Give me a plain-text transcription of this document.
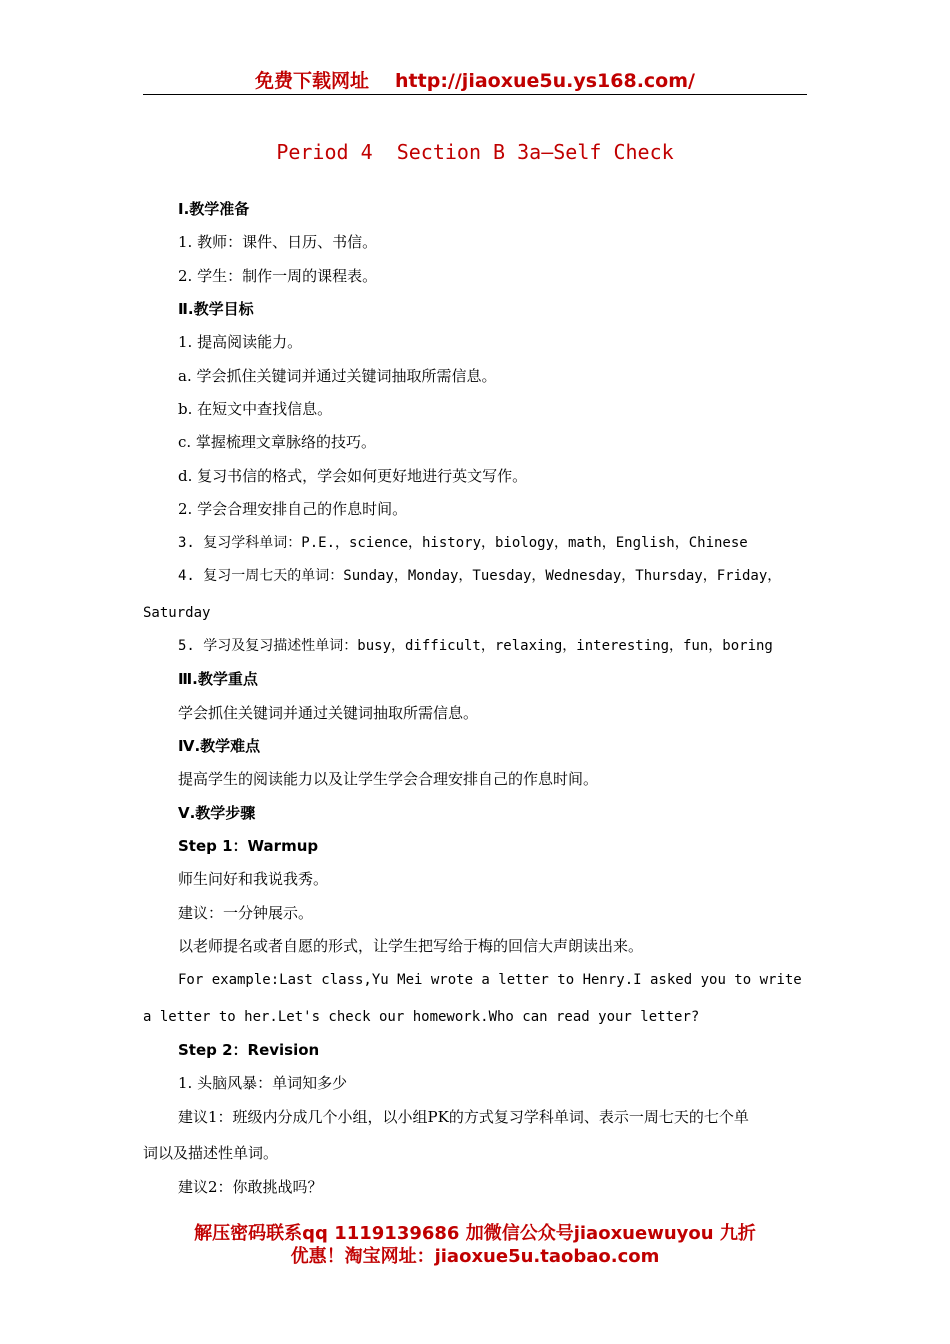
免费下载网址 http://jiaoxue5u.ys168.com/
Period 4  Section B 3a—Self Check
Ⅰ.教学准备
1. 教师：课件、日历、书信。
2. 学生：制作一周的课程表。
Ⅱ.教学目标
1. 提高阅读能力。
a. 学会抓住关键词并通过关键词抽取所需信息。
b. 在短文中查找信息。
c. 掌握梳理文章脉络的技巧。
d. 复习书信的格式，学会如何更好地进行英文写作。
2. 学会合理安排自己的作息时间。
3. 复习学科单词：P.E.，science，history，biology，math，English，Chinese
4. 复习一周七天的单词：Sunday，Monday，Tuesday，Wednesday，Thursday，Friday，
Saturday
5. 学习及复习描述性单词：busy，difficult，relaxing，interesting，fun，boring
Ⅲ.教学重点
学会抓住关键词并通过关键词抽取所需信息。
Ⅳ.教学难点
提高学生的阅读能力以及让学生学会合理安排自己的作息时间。
Ⅴ.教学步骤
Step 1：Warmup
师生问好和我说我秀。
建议：一分钟展示。
以老师提名或者自愿的形式，让学生把写给于梅的回信大声朗读出来。
For example:Last class,Yu Mei wrote a letter to Henry.I asked you to write
a letter to her.Let's check our homework.Who can read your letter?
Step 2：Revision
1. 头脑风暴：单词知多少
建议1：班级内分成几个小组，以小组PK的方式复习学科单词、表示一周七天的七个单
词以及描述性单词。
建议2：你敢挑战吗？
解压密码联系qq 1119139686 加微信公众号jiaoxuewuyou 九折
优惠！淘宝网址：jiaoxue5u.taobao.com
